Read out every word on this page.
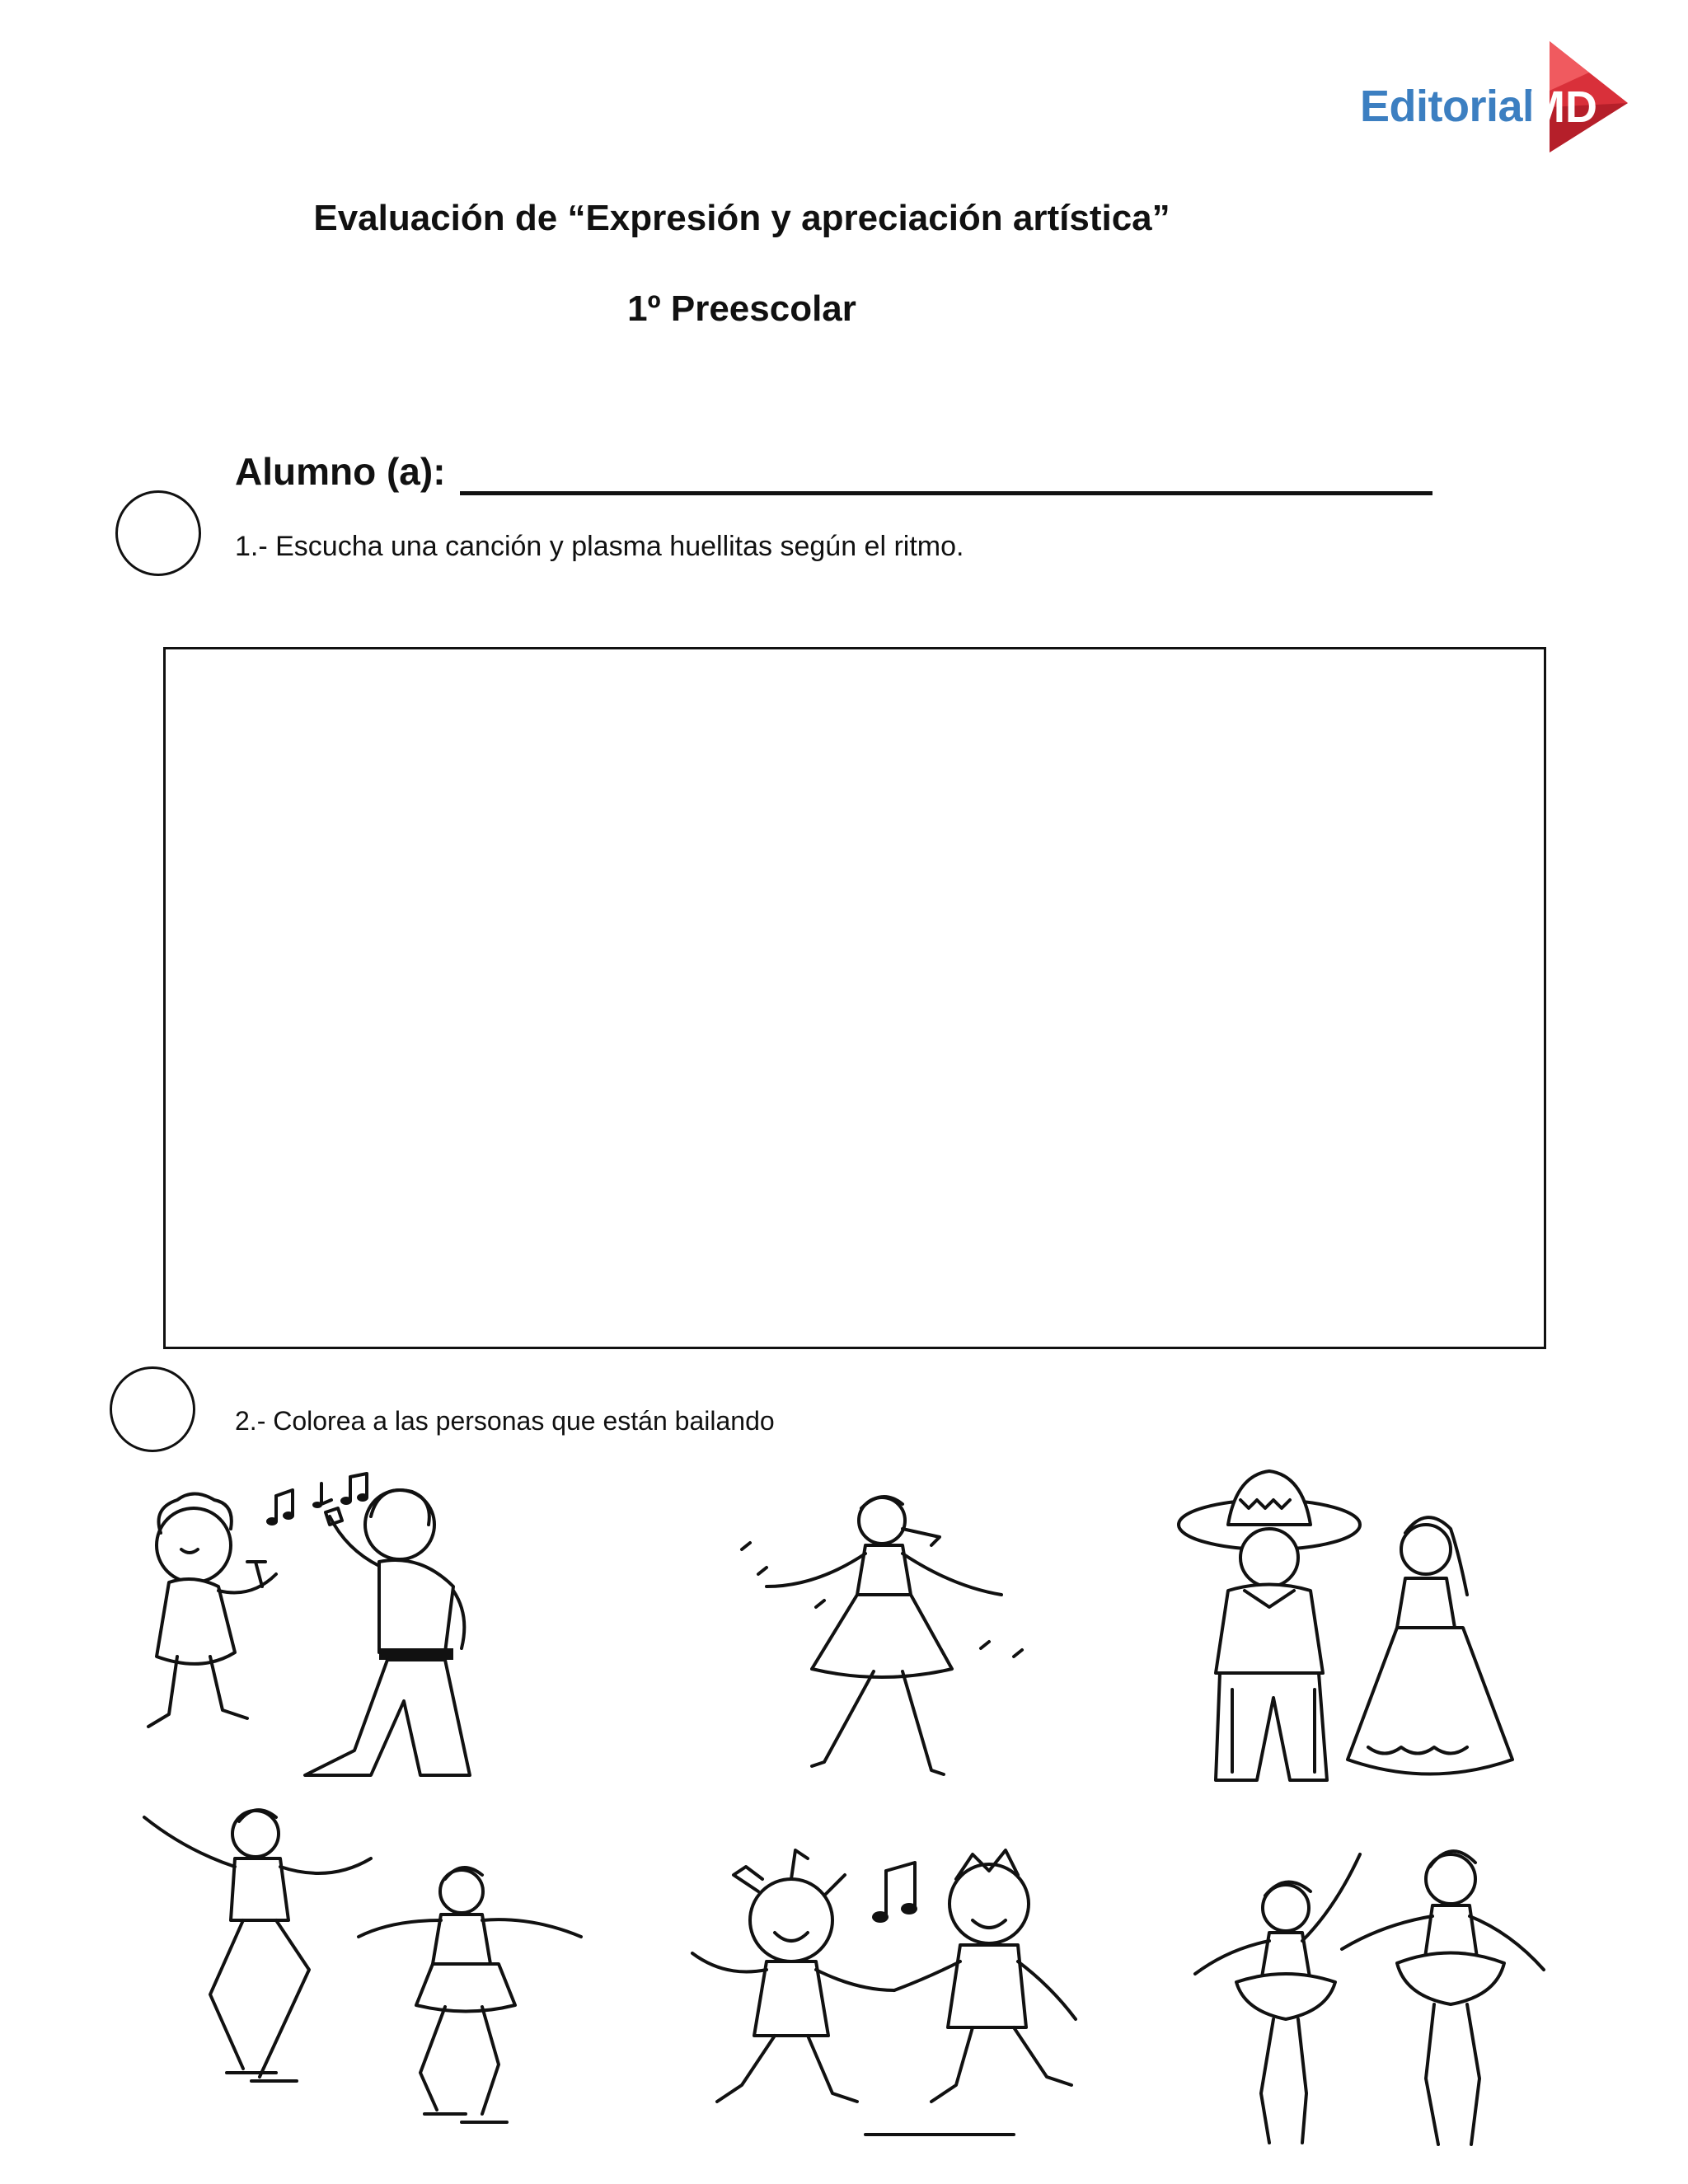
Editorial
MD
Evaluación de “Expresión y apreciación artística”
1º Preescolar
Alumno (a):
1.- Escucha una canción y plasma huellitas según el ritmo.
2.- Colorea a las personas que están bailando
